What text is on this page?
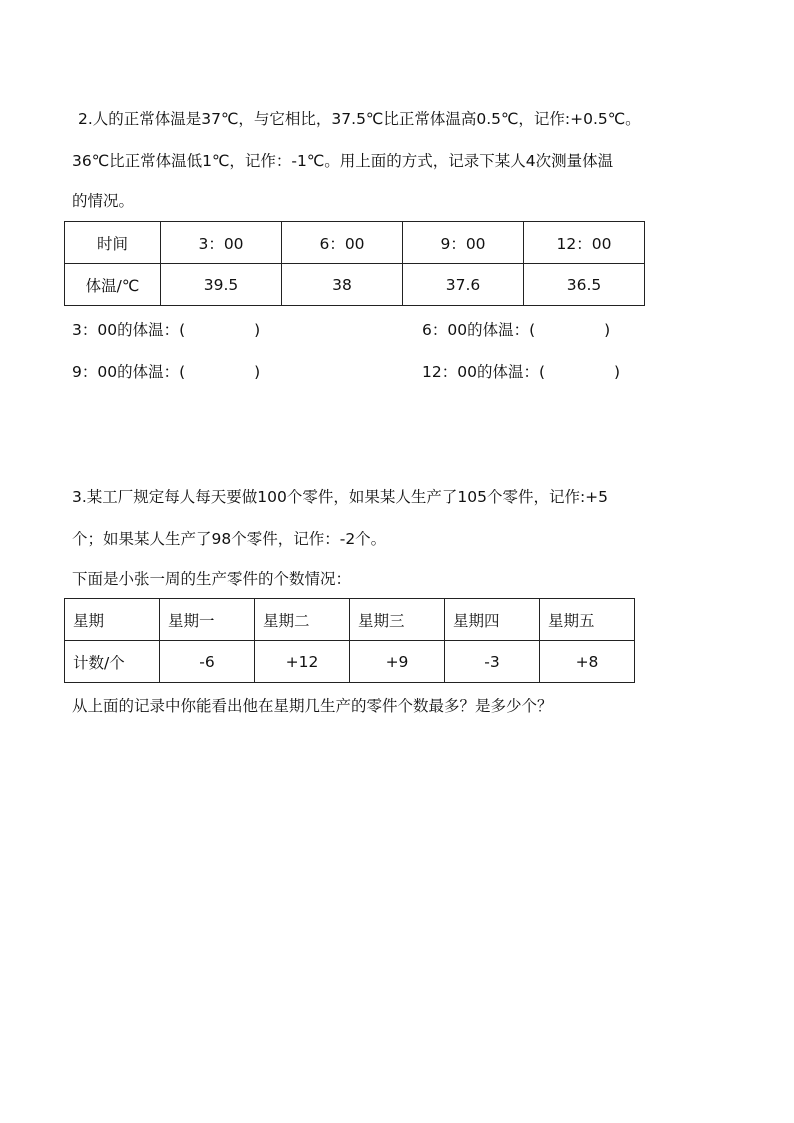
2.人的正常体温是37℃，与它相比，37.5℃比正常体温高0.5℃，记作:+0.5℃。
36℃比正常体温低1℃，记作：-1℃。用上面的方式，记录下某人4次测量体温
的情况。
时间	3：00	6：00	9：00	12：00
体温/℃	39.5	38	37.6	36.5
3：00的体温：(              )	6：00的体温：(              )
9：00的体温：(              )	12：00的体温：(              )
3.某工厂规定每人每天要做100个零件，如果某人生产了105个零件，记作:+5
个；如果某人生产了98个零件，记作：-2个。
下面是小张一周的生产零件的个数情况：
星期	星期一	星期二	星期三	星期四	星期五
计数/个	-6	+12	+9	-3	+8
从上面的记录中你能看出他在星期几生产的零件个数最多？是多少个？
